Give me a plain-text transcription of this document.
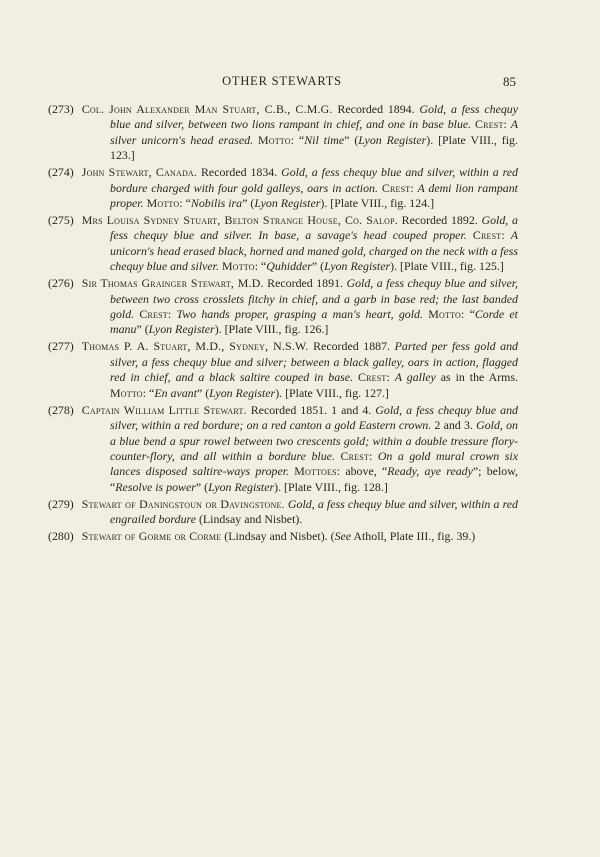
OTHER STEWARTS	85
(273) Col. John Alexander Man Stuart, C.B., C.M.G. Recorded 1894. Gold, a fess chequy blue and silver, between two lions rampant in chief, and one in base blue. Crest: A silver unicorn's head erased. Motto: “Nil time” (Lyon Register). [Plate VIII., fig. 123.]
(274) John Stewart, Canada. Recorded 1834. Gold, a fess chequy blue and silver, within a red bordure charged with four gold galleys, oars in action. Crest: A demi lion rampant proper. Motto: “Nobilis ira” (Lyon Register). [Plate VIII., fig. 124.]
(275) Mrs Louisa Sydney Stuart, Belton Strange House, Co. Salop. Recorded 1892. Gold, a fess chequy blue and silver. In base, a savage's head couped proper. Crest: A unicorn's head erased black, horned and maned gold, charged on the neck with a fess chequy blue and silver. Motto: “Quhidder” (Lyon Register). [Plate VIII., fig. 125.]
(276) Sir Thomas Grainger Stewart, M.D. Recorded 1891. Gold, a fess chequy blue and silver, between two cross crosslets fitchy in chief, and a garb in base red; the last banded gold. Crest: Two hands proper, grasping a man's heart, gold. Motto: “Corde et manu” (Lyon Register). [Plate VIII., fig. 126.]
(277) Thomas P. A. Stuart, M.D., Sydney, N.S.W. Recorded 1887. Parted per fess gold and silver, a fess chequy blue and silver; between a black galley, oars in action, flagged red in chief, and a black saltire couped in base. Crest: A galley as in the Arms. Motto: “En avant” (Lyon Register). [Plate VIII., fig. 127.]
(278) Captain William Little Stewart. Recorded 1851. 1 and 4. Gold, a fess chequy blue and silver, within a red bordure; on a red canton a gold Eastern crown. 2 and 3. Gold, on a blue bend a spur rowel between two crescents gold; within a double tressure flory-counter-flory, and all within a bordure blue. Crest: On a gold mural crown six lances disposed saltire-ways proper. Mottoes: above, “Ready, aye ready”; below, “Resolve is power” (Lyon Register). [Plate VIII., fig. 128.]
(279) Stewart of Daningstoun or Davingstone. Gold, a fess chequy blue and silver, within a red engrailed bordure (Lindsay and Nisbet).
(280) Stewart of Gorme or Corme (Lindsay and Nisbet). (See Atholl, Plate III., fig. 39.)
